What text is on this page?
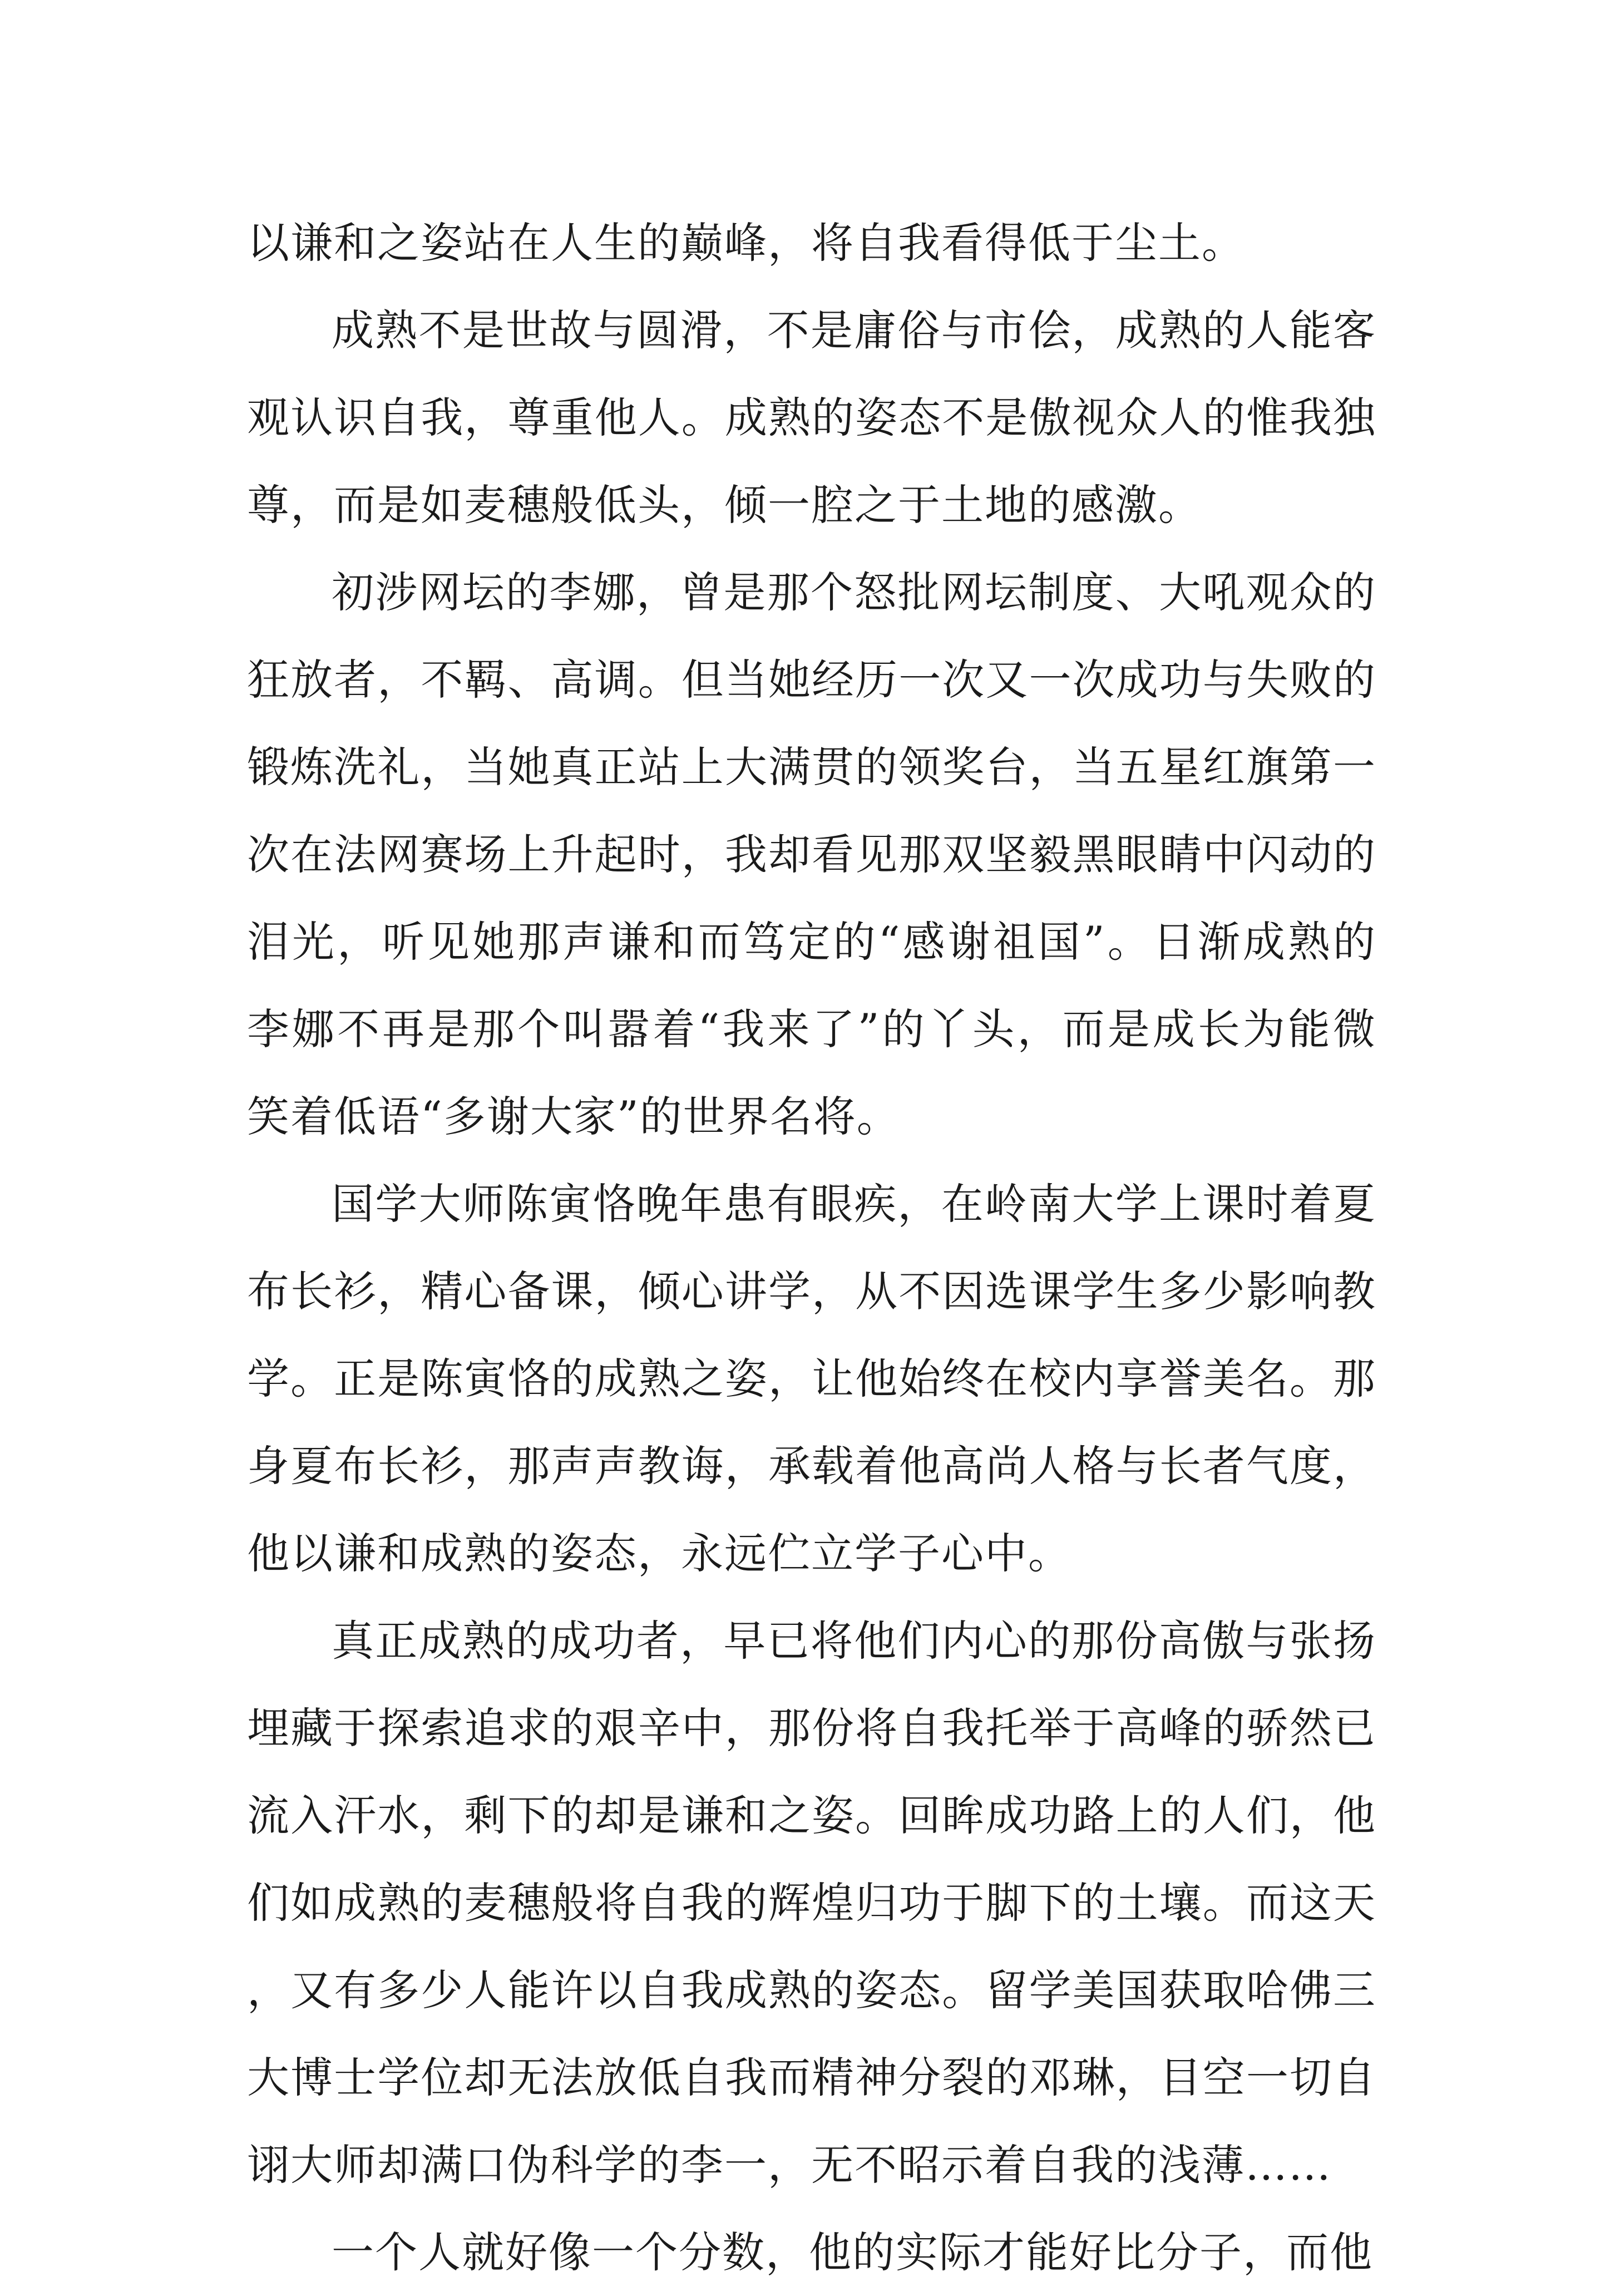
以谦和之姿站在人生的巅峰，将自我看得低于尘土。

成熟不是世故与圆滑，不是庸俗与市侩，成熟的人能客观认识自我，尊重他人。成熟的姿态不是傲视众人的惟我独尊，而是如麦穗般低头，倾一腔之于土地的感激。

初涉网坛的李娜，曾是那个怒批网坛制度、大吼观众的狂放者，不羁、高调。但当她经历一次又一次成功与失败的锻炼洗礼，当她真正站上大满贯的领奖台，当五星红旗第一次在法网赛场上升起时，我却看见那双坚毅黑眼睛中闪动的泪光，听见她那声谦和而笃定的“感谢祖国”。日渐成熟的李娜不再是那个叫嚣着“我来了”的丫头，而是成长为能微笑着低语“多谢大家”的世界名将。

国学大师陈寅恪晚年患有眼疾，在岭南大学上课时着夏布长衫，精心备课，倾心讲学，从不因选课学生多少影响教学。正是陈寅恪的成熟之姿，让他始终在校内享誉美名。那身夏布长衫，那声声教诲，承载着他高尚人格与长者气度，他以谦和成熟的姿态，永远伫立学子心中。

真正成熟的成功者，早已将他们内心的那份高傲与张扬埋藏于探索追求的艰辛中，那份将自我托举于高峰的骄然已流入汗水，剩下的却是谦和之姿。回眸成功路上的人们，他们如成熟的麦穗般将自我的辉煌归功于脚下的土壤。而这天，又有多少人能许以自我成熟的姿态。留学美国获取哈佛三大博士学位却无法放低自我而精神分裂的邓琳，目空一切自诩大师却满口伪科学的李一，无不昭示着自我的浅薄……

一个人就好像一个分数，他的实际才能好比分子，而他
